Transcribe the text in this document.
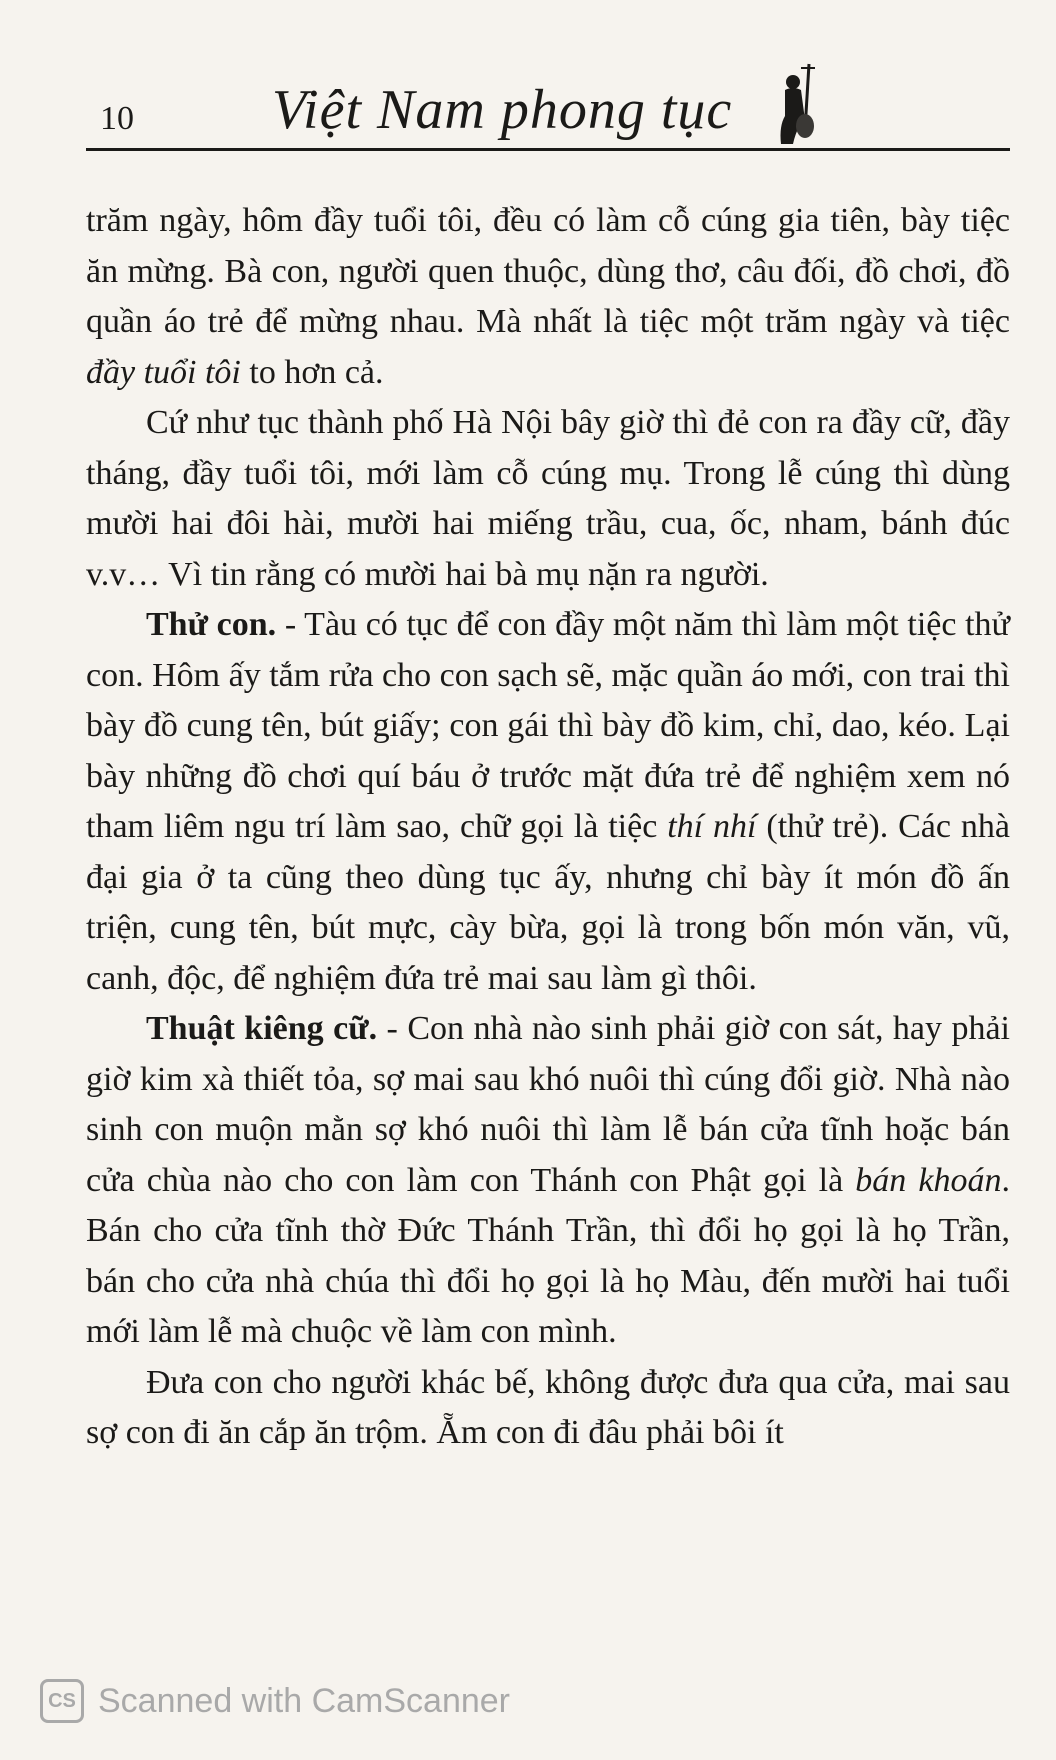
10 Việt Nam phong tục

trăm ngày, hôm đầy tuổi tôi, đều có làm cỗ cúng gia tiên, bày tiệc ăn mừng. Bà con, người quen thuộc, dùng thơ, câu đối, đồ chơi, đồ quần áo trẻ để mừng nhau. Mà nhất là tiệc một trăm ngày và tiệc đầy tuổi tôi to hơn cả.

Cứ như tục thành phố Hà Nội bây giờ thì đẻ con ra đầy cữ, đầy tháng, đầy tuổi tôi, mới làm cỗ cúng mụ. Trong lễ cúng thì dùng mười hai đôi hài, mười hai miếng trầu, cua, ốc, nham, bánh đúc v.v… Vì tin rằng có mười hai bà mụ nặn ra người.

Thử con. - Tàu có tục để con đầy một năm thì làm một tiệc thử con. Hôm ấy tắm rửa cho con sạch sẽ, mặc quần áo mới, con trai thì bày đồ cung tên, bút giấy; con gái thì bày đồ kim, chỉ, dao, kéo. Lại bày những đồ chơi quí báu ở trước mặt đứa trẻ để nghiệm xem nó tham liêm ngu trí làm sao, chữ gọi là tiệc thí nhí (thử trẻ). Các nhà đại gia ở ta cũng theo dùng tục ấy, nhưng chỉ bày ít món đồ ấn triện, cung tên, bút mực, cày bừa, gọi là trong bốn món văn, vũ, canh, độc, để nghiệm đứa trẻ mai sau làm gì thôi.

Thuật kiêng cữ. - Con nhà nào sinh phải giờ con sát, hay phải giờ kim xà thiết tỏa, sợ mai sau khó nuôi thì cúng đổi giờ. Nhà nào sinh con muộn mằn sợ khó nuôi thì làm lễ bán cửa tĩnh hoặc bán cửa chùa nào cho con làm con Thánh con Phật gọi là bán khoán. Bán cho cửa tĩnh thờ Đức Thánh Trần, thì đổi họ gọi là họ Trần, bán cho cửa nhà chúa thì đổi họ gọi là họ Màu, đến mười hai tuổi mới làm lễ mà chuộc về làm con mình.

Đưa con cho người khác bế, không được đưa qua cửa, mai sau sợ con đi ăn cắp ăn trộm. Ẵm con đi đâu phải bôi ít

CS Scanned with CamScanner
